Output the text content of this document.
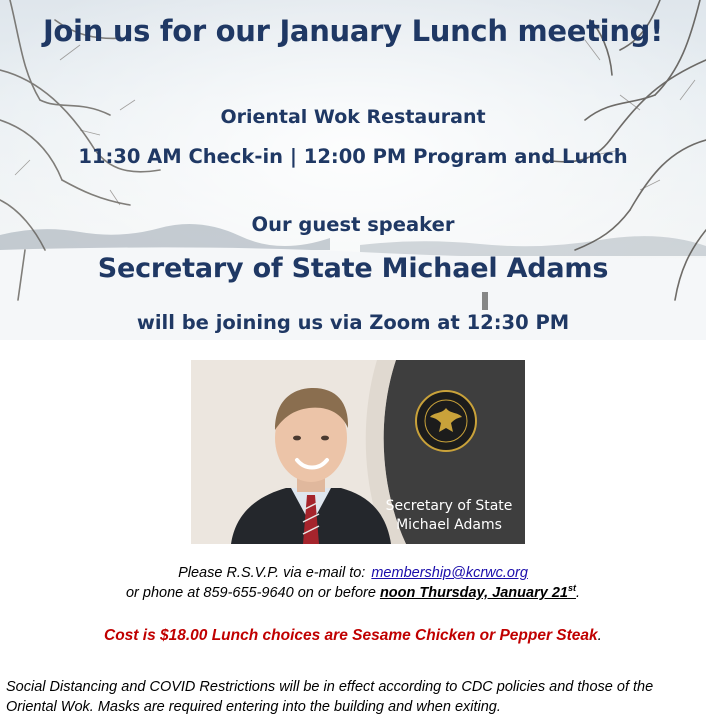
Join us for our January Lunch meeting!
Oriental Wok Restaurant
11:30 AM Check-in | 12:00 PM Program and Lunch
Our guest speaker
Secretary of State Michael Adams
will be joining us via Zoom at 12:30 PM
Secretary of State
Michael Adams
Please R.S.V.P. via e-mail to: membership@kcrwc.org
or phone at 859-655-9640 on or before noon Thursday, January 21st.
Cost is $18.00 Lunch choices are Sesame Chicken or Pepper Steak.
Social Distancing and COVID Restrictions will be in effect according to CDC policies and those of the Oriental Wok. Masks are required entering into the building and when exiting.
